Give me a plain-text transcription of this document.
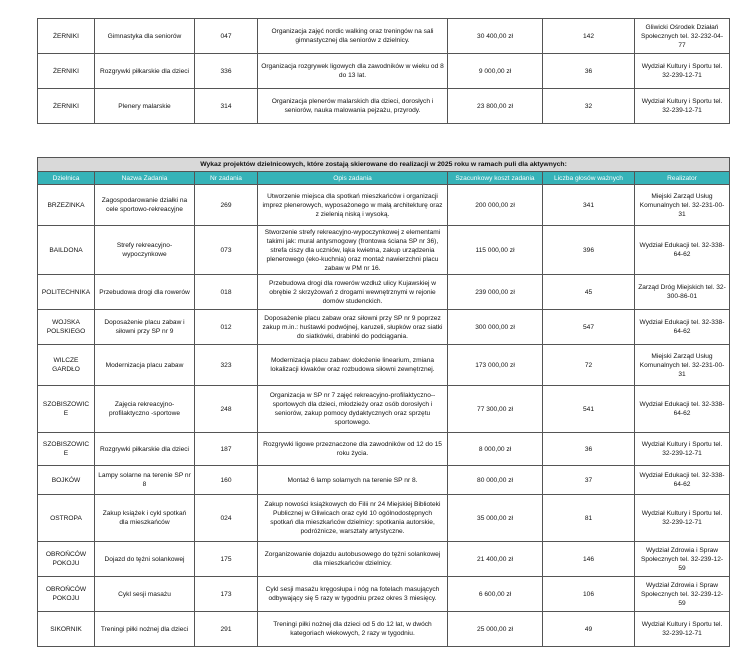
ŻERNIKI	Gimnastyka dla seniorów	047	Organizacja zajęć nordic walking oraz treningów na sali gimnastycznej dla seniorów z dzielnicy.	30 400,00 zł	142	Gliwicki Ośrodek Działań Społecznych tel. 32-232-04-77
ŻERNIKI	Rozgrywki piłkarskie dla dzieci	336	Organizacja rozgrywek ligowych dla zawodników w wieku od 8 do 13 lat.	9 000,00 zł	36	Wydział Kultury i Sportu tel. 32-239-12-71
ŻERNIKI	Plenery malarskie	314	Organizacja plenerów malarskich dla dzieci, dorosłych i seniorów, nauka malowania pejzażu, przyrody.	23 800,00 zł	32	Wydział Kultury i Sportu tel. 32-239-12-71
Wykaz projektów dzielnicowych, które zostają skierowane do realizacji w 2025 roku w ramach puli dla aktywnych:						
Dzielnica	Nazwa Zadania	Nr zadania	Opis zadania	Szacunkowy koszt zadania	Liczba głosów ważnych	Realizator
BRZEZINKA	Zagospodarowanie działki na cele sportowo-rekreacyjne	269	Utworzenie miejsca dla spotkań mieszkańców i organizacji imprez plenerowych, wyposażonego w małą architekturę oraz z zielenią niską i wysoką.	200 000,00 zł	341	Miejski Zarząd Usług Komunalnych tel. 32-231-00-31
BAILDONA	Strefy rekreacyjno-wypoczynkowe	073	Stworzenie strefy rekreacyjno-wypoczynkowej z elementami takimi jak: mural antysmogowy (frontowa ściana SP nr 36), strefa ciszy dla uczniów, łąka kwietna, zakup urządzenia plenerowego (eko-kuchnia) oraz montaż nawierzchni placu zabaw w PM nr 16.	115 000,00 zł	396	Wydział Edukacji tel. 32-338-64-62
POLITECHNIKA	Przebudowa drogi dla rowerów	018	Przebudowa drogi dla rowerów wzdłuż ulicy Kujawskiej w obrębie 2 skrzyżowań z drogami wewnętrznymi w rejonie domów studenckich.	239 000,00 zł	45	Zarząd Dróg Miejskich tel. 32-300-86-01
WOJSKA POLSKIEGO	Doposażenie placu zabaw i siłowni przy SP nr 9	012	Doposażenie placu zabaw oraz siłowni przy SP nr 9 poprzez zakup m.in.: huśtawki podwójnej, karuzeli, słupków oraz siatki do siatkówki, drabinki do podciągania.	300 000,00 zł	547	Wydział Edukacji tel. 32-338-64-62
WILCZE GARDŁO	Modernizacja placu zabaw	323	Modernizacja placu zabaw: dołożenie linearium, zmiana lokalizacji kiwaków oraz rozbudowa siłowni zewnętrznej.	173 000,00 zł	72	Miejski Zarząd Usług Komunalnych tel. 32-231-00-31
SZOBISZOWICE	Zajęcia rekreacyjno-profilaktyczno -sportowe	248	Organizacja w SP nr 7 zajęć rekreacyjno-profilaktyczno--sportowych dla dzieci, młodzieży oraz osób dorosłych i seniorów, zakup pomocy dydaktycznych oraz sprzętu sportowego.	77 300,00 zł	541	Wydział Edukacji tel. 32-338-64-62
SZOBISZOWICE	Rozgrywki piłkarskie dla dzieci	187	Rozgrywki ligowe przeznaczone dla zawodników od 12 do 15 roku życia.	8 000,00 zł	36	Wydział Kultury i Sportu tel. 32-239-12-71
BOJKÓW	Lampy solarne na terenie SP nr 8	160	Montaż 6 lamp solarnych na terenie SP nr 8.	80 000,00 zł	37	Wydział Edukacji tel. 32-338-64-62
OSTROPA	Zakup książek i cykl spotkań dla mieszkańców	024	Zakup nowości książkowych do Filii nr 24 Miejskiej Biblioteki Publicznej w Gliwicach oraz cykl 10 ogólnodostępnych spotkań dla mieszkańców dzielnicy: spotkania autorskie, podróżnicze, warsztaty artystyczne.	35 000,00 zł	81	Wydział Kultury i Sportu tel. 32-239-12-71
OBROŃCÓW POKOJU	Dojazd do tężni solankowej	175	Zorganizowanie dojazdu autobusowego do tężni solankowej dla mieszkańców dzielnicy.	21 400,00 zł	146	Wydział Zdrowia i Spraw Społecznych tel. 32-239-12-59
OBROŃCÓW POKOJU	Cykl sesji masażu	173	Cykl sesji masażu kręgosłupa i nóg na fotelach masujących odbywający się 5 razy w tygodniu przez okres 3 miesięcy.	6 600,00 zł	106	Wydział Zdrowia i Spraw Społecznych tel. 32-239-12-59
SIKORNIK	Treningi piłki nożnej dla dzieci	291	Treningi piłki nożnej dla dzieci od 5 do 12 lat, w dwóch kategoriach wiekowych, 2 razy w tygodniu.	25 000,00 zł	49	Wydział Kultury i Sportu tel. 32-239-12-71
